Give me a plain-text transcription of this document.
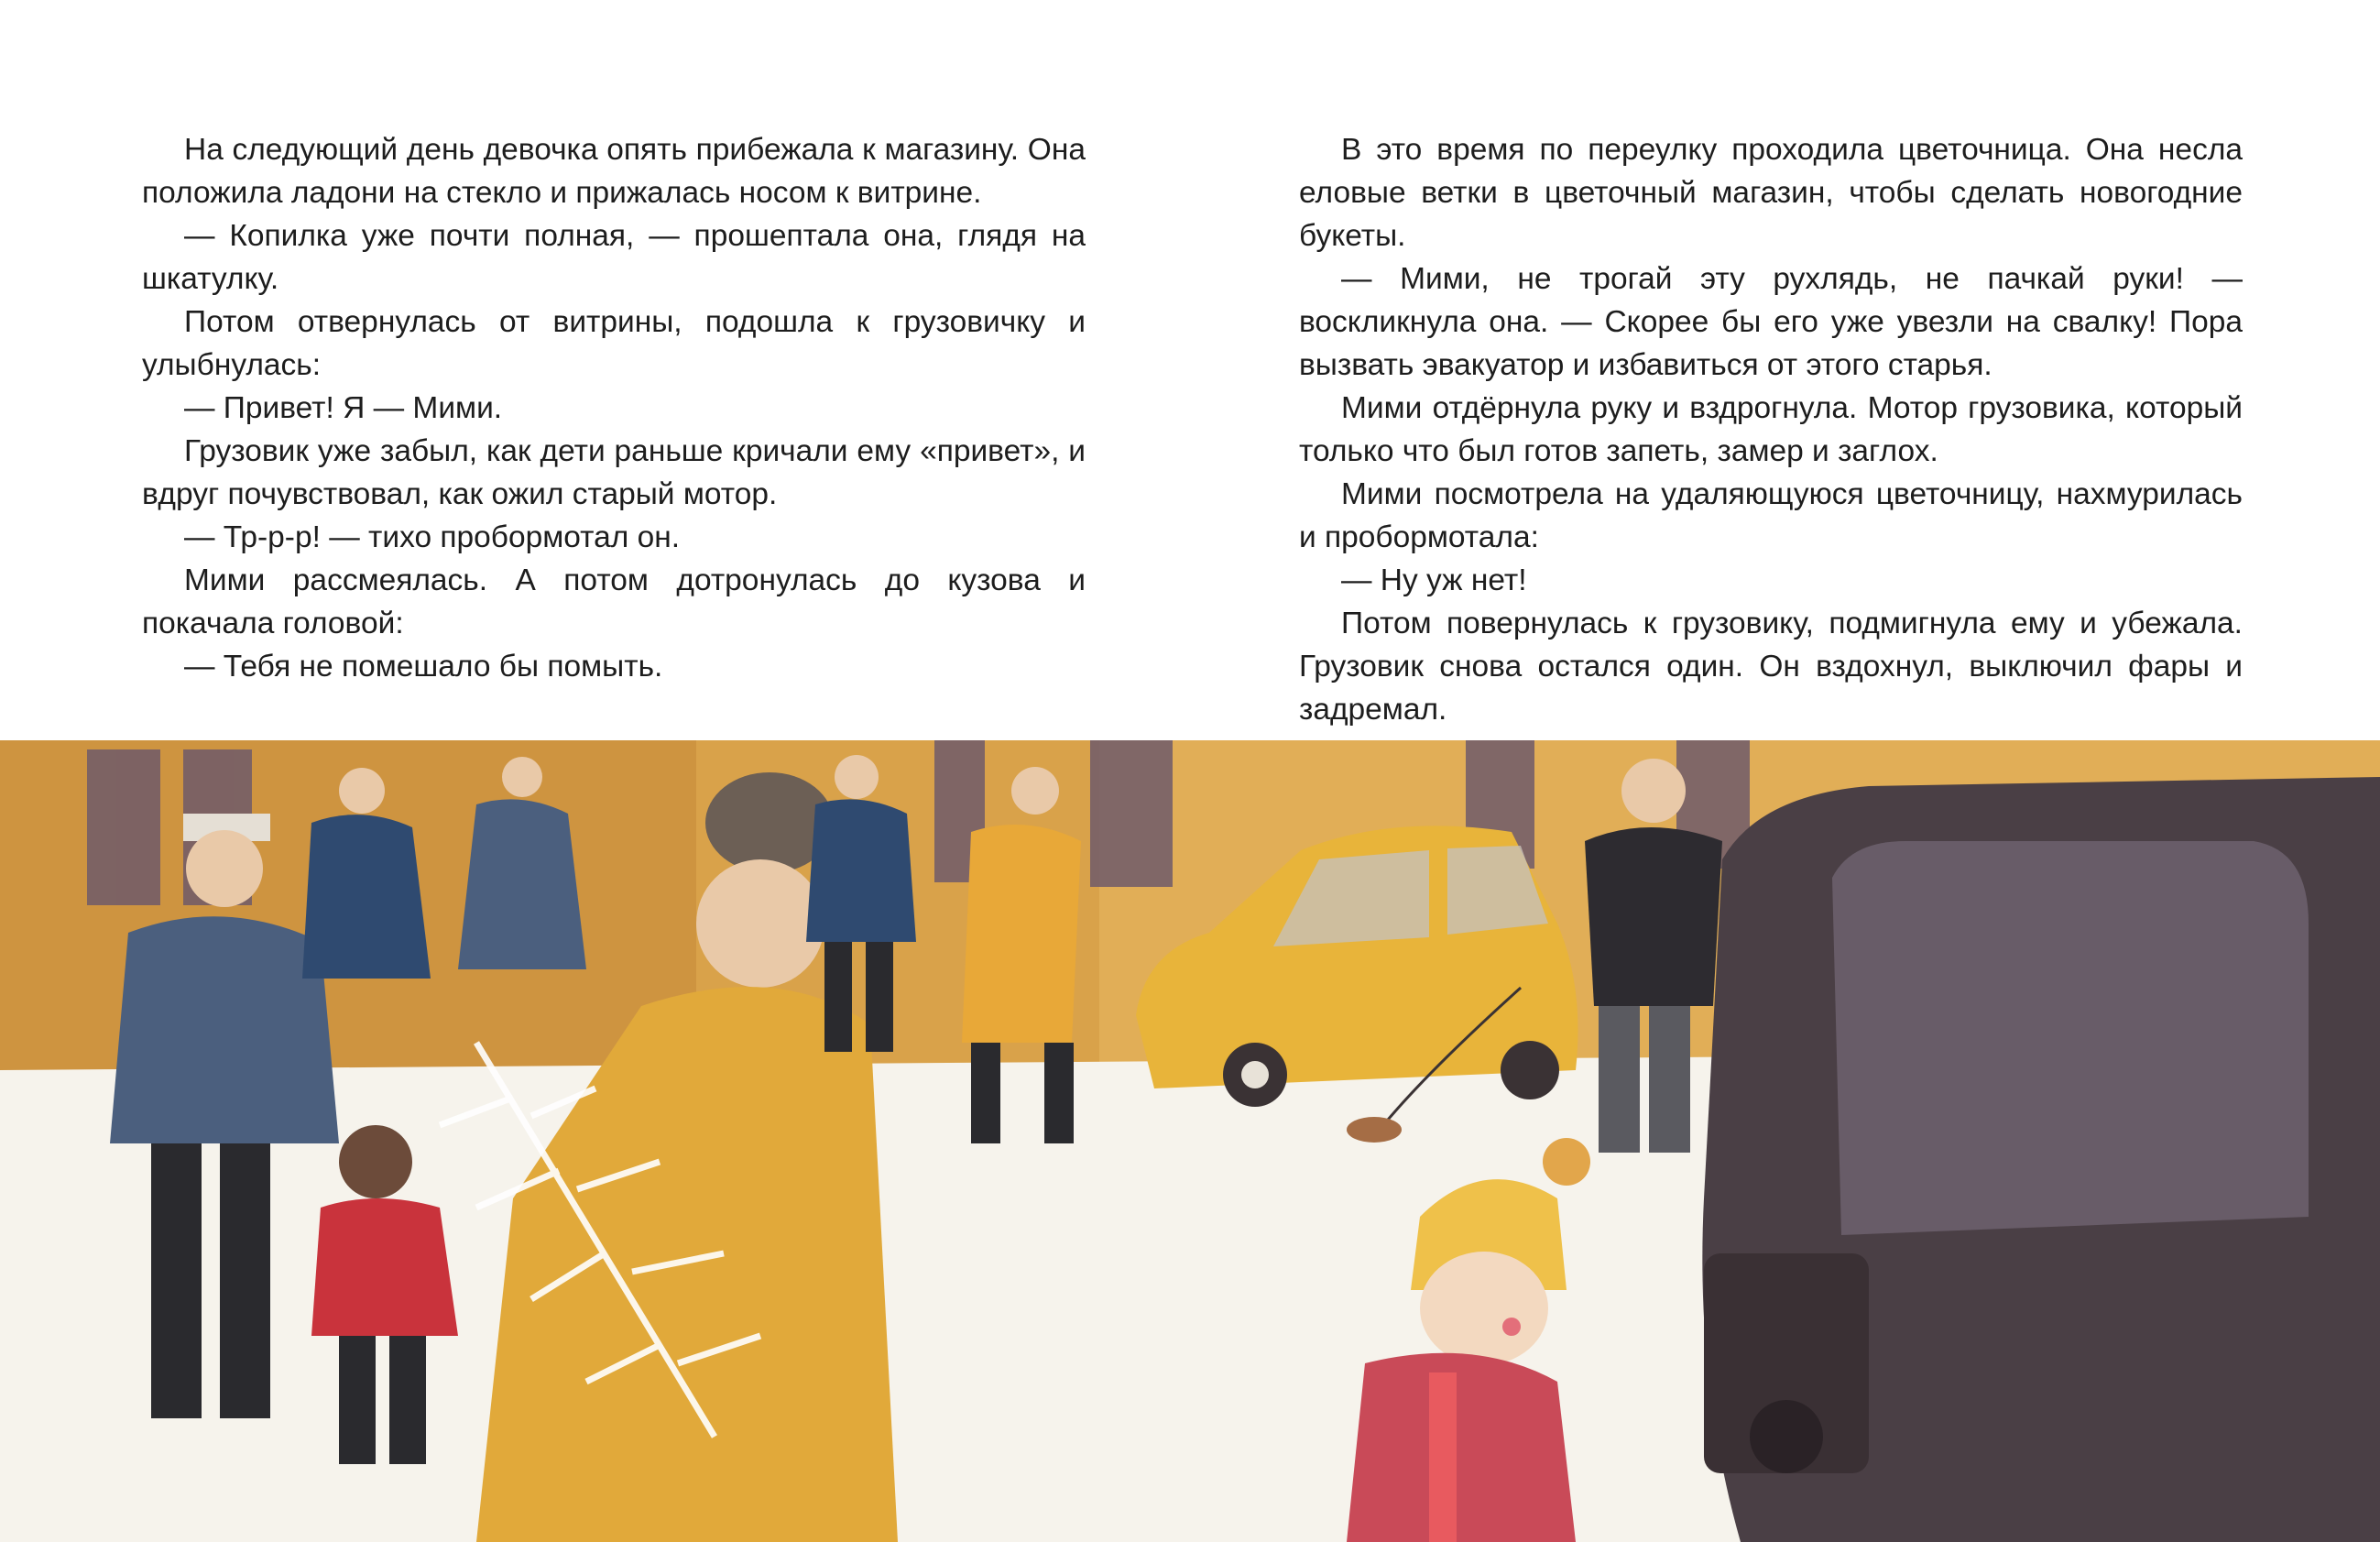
На следующий день девочка опять прибежала к магазину. Она положила ладони на стекло и прижалась носом к витрине.

— Копилка уже почти полная, — прошептала она, глядя на шкатулку.

Потом отвернулась от витрины, подошла к грузовичку и улыбнулась:

— Привет! Я — Мими.

Грузовик уже забыл, как дети раньше кричали ему «привет», и вдруг почувствовал, как ожил старый мотор.

— Тр-р-р! — тихо пробормотал он.

Мими рассмеялась. А потом дотронулась до кузова и покачала головой:

— Тебя не помешало бы помыть.

В это время по переулку проходила цветочница. Она несла еловые ветки в цветочный магазин, чтобы сделать новогодние букеты.

— Мими, не трогай эту рухлядь, не пачкай руки! — воскликнула она. — Скорее бы его уже увезли на свалку! Пора вызвать эвакуатор и избавиться от этого старья.

Мими отдёрнула руку и вздрогнула. Мотор грузовика, который только что был готов запеть, замер и заглох.

Мими посмотрела на удаляющуюся цветочницу, нахмурилась и пробормотала:

— Ну уж нет!

Потом повернулась к грузовику, подмигнула ему и убежала. Грузовик снова остался один. Он вздохнул, выключил фары и задремал.
